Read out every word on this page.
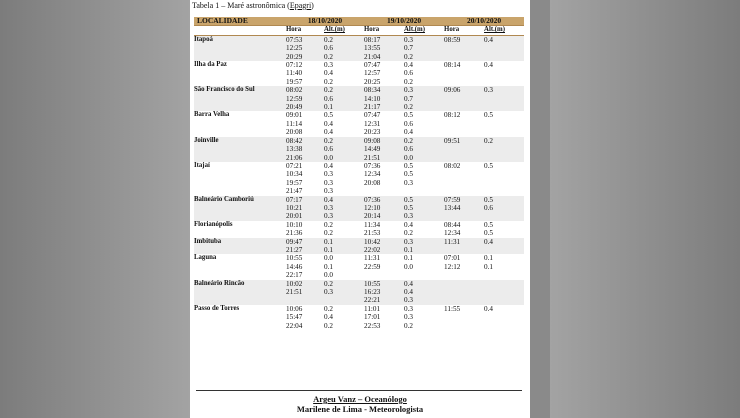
Tabela 1 – Maré astronômica (Epagri)
LOCALIDADE	18/10/2020		19/10/2020		20/10/2020	
	Hora	Alt.(m)	Hora	Alt.(m)	Hora	Alt.(m)
Itapoá	07:53	0.2	08:17	0.3	08:59	0.4
	12:25	0.6	13:55	0.7		
	20:29	0.2	21:04	0.2		
Ilha da Paz	07:12	0.3	07:47	0.4	08:14	0.4
	11:40	0.4	12:57	0.6		
	19:57	0.2	20:25	0.2		
São Francisco do Sul	08:02	0.2	08:34	0.3	09:06	0.3
	12:59	0.6	14:10	0.7		
	20:49	0.1	21:17	0.2		
Barra Velha	09:01	0.5	07:47	0.5	08:12	0.5
	11:14	0.4	12:31	0.6		
	20:08	0.4	20:23	0.4		
Joinville	08:42	0.2	09:08	0.2	09:51	0.2
	13:38	0.6	14:49	0.6		
	21:06	0.0	21:51	0.0		
Itajaí	07:21	0.4	07:36	0.5	08:02	0.5
	10:34	0.3	12:34	0.5		
	19:57	0.3	20:08	0.3		
	21:47	0.3				
Balneário Camboriú	07:17	0.4	07:36	0.5	07:59	0.5
	10:21	0.3	12:10	0.5	13:44	0.6
	20:01	0.3	20:14	0.3		
Florianópolis	10:10	0.2	11:34	0.4	08:44	0.5
	21:36	0.2	21:53	0.2	12:34	0.5
Imbituba	09:47	0.1	10:42	0.3	11:31	0.4
	21:27	0.1	22:02	0.1		
Laguna	10:55	0.0	11:31	0.1	07:01	0.1
	14:46	0.1	22:59	0.0	12:12	0.1
	22:17	0.0				
Balneário Rincão	10:02	0.2	10:55	0.4		
	21:51	0.3	16:23	0.4		
			22:21	0.3		
Passo de Torres	10:06	0.2	11:01	0.3	11:55	0.4
	15:47	0.4	17:01	0.3		
	22:04	0.2	22:53	0.2		
Argeu Vanz – Oceanólogo
Marilene de Lima - Meteorologista
